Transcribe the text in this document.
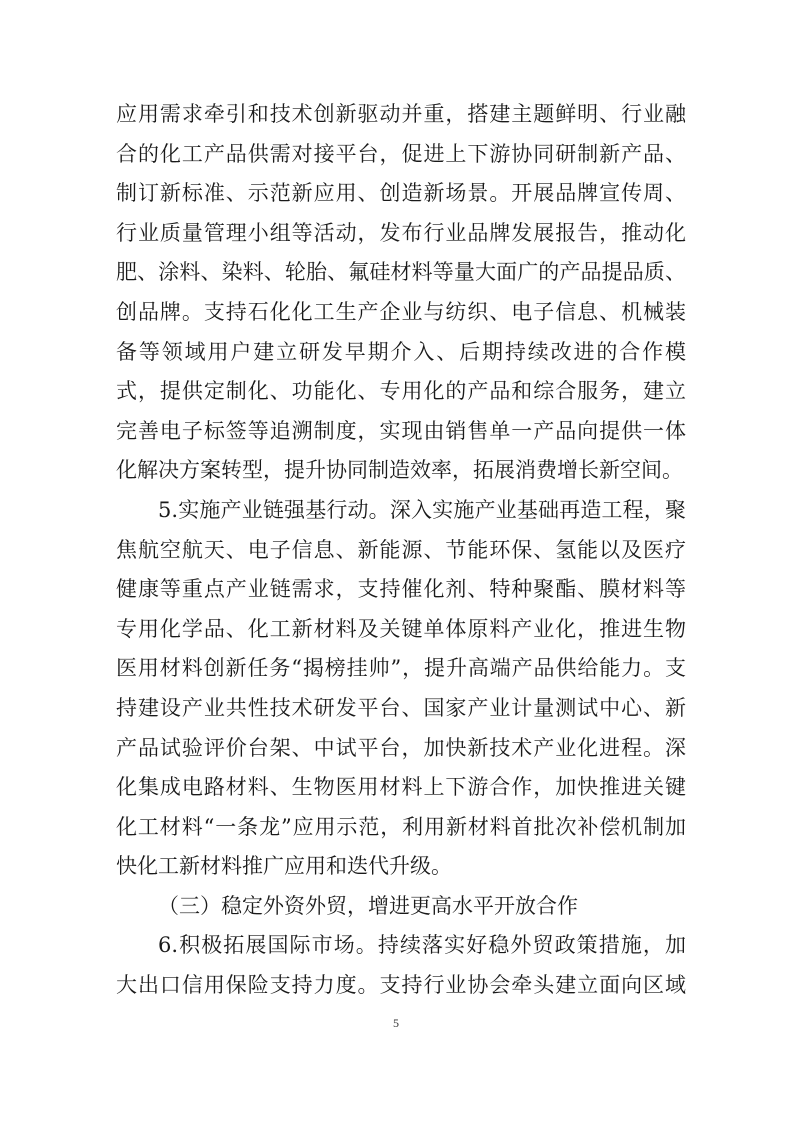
应用需求牵引和技术创新驱动并重，搭建主题鲜明、行业融
合的化工产品供需对接平台，促进上下游协同研制新产品、
制订新标准、示范新应用、创造新场景。开展品牌宣传周、
行业质量管理小组等活动，发布行业品牌发展报告，推动化
肥、涂料、染料、轮胎、氟硅材料等量大面广的产品提品质、
创品牌。支持石化化工生产企业与纺织、电子信息、机械装
备等领域用户建立研发早期介入、后期持续改进的合作模
式，提供定制化、功能化、专用化的产品和综合服务，建立
完善电子标签等追溯制度，实现由销售单一产品向提供一体
化解决方案转型，提升协同制造效率，拓展消费增长新空间。
5.实施产业链强基行动。深入实施产业基础再造工程，聚
焦航空航天、电子信息、新能源、节能环保、氢能以及医疗
健康等重点产业链需求，支持催化剂、特种聚酯、膜材料等
专用化学品、化工新材料及关键单体原料产业化，推进生物
医用材料创新任务“揭榜挂帅”，提升高端产品供给能力。支
持建设产业共性技术研发平台、国家产业计量测试中心、新
产品试验评价台架、中试平台，加快新技术产业化进程。深
化集成电路材料、生物医用材料上下游合作，加快推进关键
化工材料“一条龙”应用示范，利用新材料首批次补偿机制加
快化工新材料推广应用和迭代升级。
（三）稳定外资外贸，增进更高水平开放合作
6.积极拓展国际市场。持续落实好稳外贸政策措施，加
大出口信用保险支持力度。支持行业协会牵头建立面向区域
5
